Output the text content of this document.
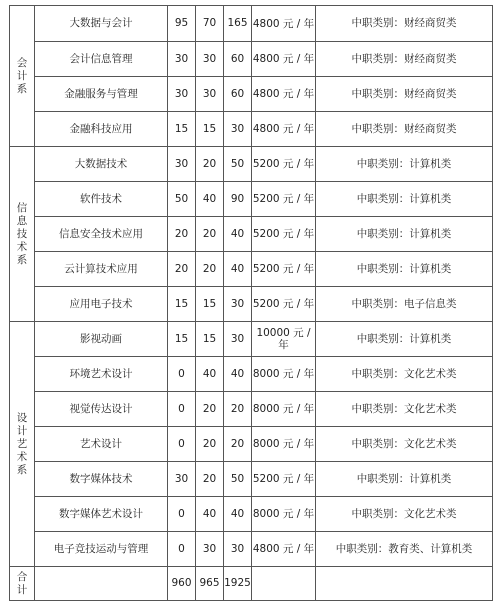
会计系	大数据与会计	95	70	165	4800 元 / 年	中职类别：财经商贸类
	会计信息管理	30	30	60	4800 元 / 年	中职类别：财经商贸类
	金融服务与管理	30	30	60	4800 元 / 年	中职类别：财经商贸类
	金融科技应用	15	15	30	4800 元 / 年	中职类别：财经商贸类
信息技术系	大数据技术	30	20	50	5200 元 / 年	中职类别：计算机类
	软件技术	50	40	90	5200 元 / 年	中职类别：计算机类
	信息安全技术应用	20	20	40	5200 元 / 年	中职类别：计算机类
	云计算技术应用	20	20	40	5200 元 / 年	中职类别：计算机类
	应用电子技术	15	15	30	5200 元 / 年	中职类别：电子信息类
设计艺术系	影视动画	15	15	30	10000 元 / 年	中职类别：计算机类
	环境艺术设计	0	40	40	8000 元 / 年	中职类别：文化艺术类
	视觉传达设计	0	20	20	8000 元 / 年	中职类别：文化艺术类
	艺术设计	0	20	20	8000 元 / 年	中职类别：文化艺术类
	数字媒体技术	30	20	50	5200 元 / 年	中职类别：计算机类
	数字媒体艺术设计	0	40	40	8000 元 / 年	中职类别：文化艺术类
	电子竞技运动与管理	0	30	30	4800 元 / 年	中职类别：教育类、计算机类
合计		960	965	1925		
